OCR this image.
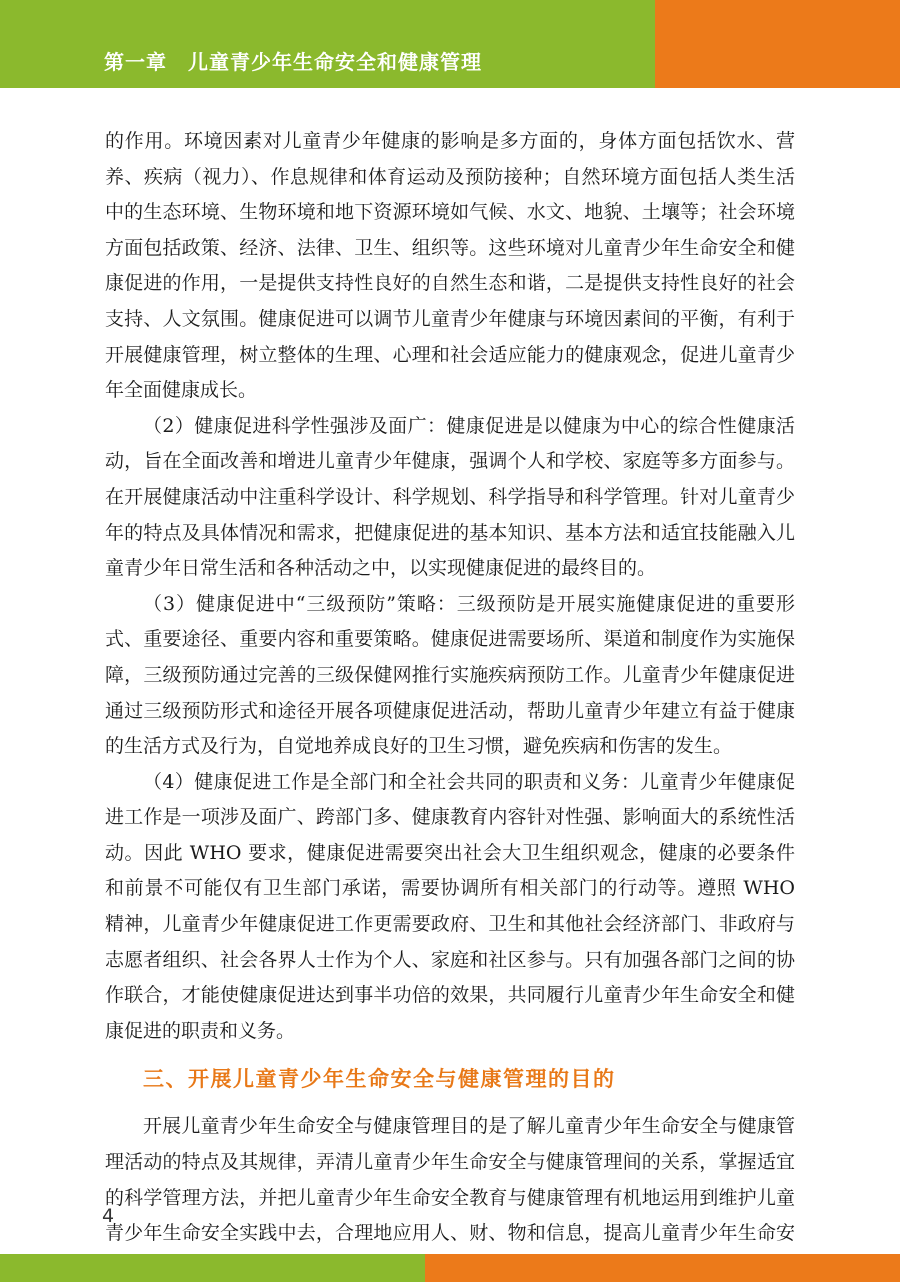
第一章　儿童青少年生命安全和健康管理

的作用。环境因素对儿童青少年健康的影响是多方面的，身体方面包括饮水、营养、疾病（视力）、作息规律和体育运动及预防接种；自然环境方面包括人类生活中的生态环境、生物环境和地下资源环境如气候、水文、地貌、土壤等；社会环境方面包括政策、经济、法律、卫生、组织等。这些环境对儿童青少年生命安全和健康促进的作用，一是提供支持性良好的自然生态和谐，二是提供支持性良好的社会支持、人文氛围。健康促进可以调节儿童青少年健康与环境因素间的平衡，有利于开展健康管理，树立整体的生理、心理和社会适应能力的健康观念，促进儿童青少年全面健康成长。

（2）健康促进科学性强涉及面广：健康促进是以健康为中心的综合性健康活动，旨在全面改善和增进儿童青少年健康，强调个人和学校、家庭等多方面参与。在开展健康活动中注重科学设计、科学规划、科学指导和科学管理。针对儿童青少年的特点及具体情况和需求，把健康促进的基本知识、基本方法和适宜技能融入儿童青少年日常生活和各种活动之中，以实现健康促进的最终目的。

（3）健康促进中“三级预防”策略：三级预防是开展实施健康促进的重要形式、重要途径、重要内容和重要策略。健康促进需要场所、渠道和制度作为实施保障，三级预防通过完善的三级保健网推行实施疾病预防工作。儿童青少年健康促进通过三级预防形式和途径开展各项健康促进活动，帮助儿童青少年建立有益于健康的生活方式及行为，自觉地养成良好的卫生习惯，避免疾病和伤害的发生。

（4）健康促进工作是全部门和全社会共同的职责和义务：儿童青少年健康促进工作是一项涉及面广、跨部门多、健康教育内容针对性强、影响面大的系统性活动。因此 WHO 要求，健康促进需要突出社会大卫生组织观念，健康的必要条件和前景不可能仅有卫生部门承诺，需要协调所有相关部门的行动等。遵照 WHO 精神，儿童青少年健康促进工作更需要政府、卫生和其他社会经济部门、非政府与志愿者组织、社会各界人士作为个人、家庭和社区参与。只有加强各部门之间的协作联合，才能使健康促进达到事半功倍的效果，共同履行儿童青少年生命安全和健康促进的职责和义务。

三、开展儿童青少年生命安全与健康管理的目的

开展儿童青少年生命安全与健康管理目的是了解儿童青少年生命安全与健康管理活动的特点及其规律，弄清儿童青少年生命安全与健康管理间的关系，掌握适宜的科学管理方法，并把儿童青少年生命安全教育与健康管理有机地运用到维护儿童青少年生命安全实践中去，合理地应用人、财、物和信息，提高儿童青少年生命安

4
